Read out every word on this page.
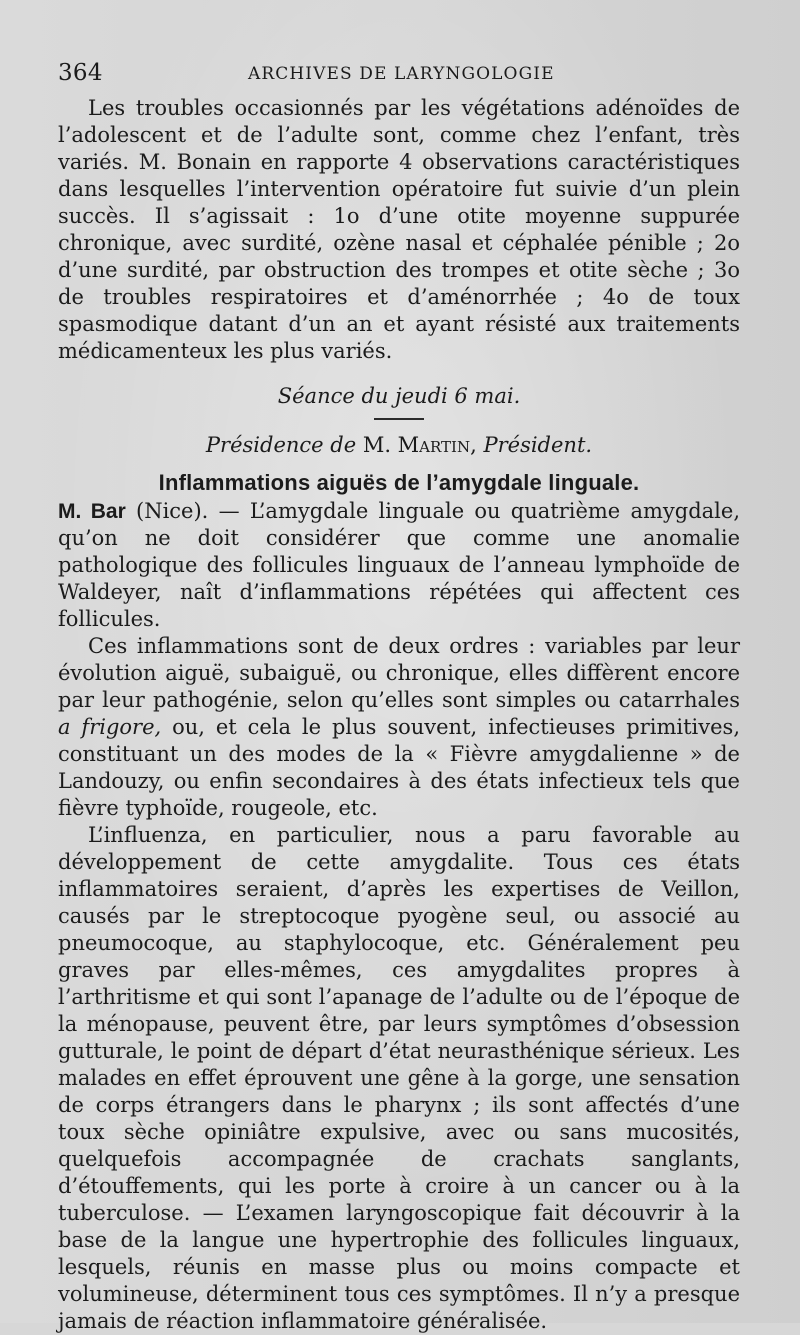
364	ARCHIVES DE LARYNGOLOGIE

Les troubles occasionnés par les végétations adénoïdes de l’adolescent et de l’adulte sont, comme chez l’enfant, très variés. M. Bonain en rapporte 4 observations caractéristiques dans lesquelles l’intervention opératoire fut suivie d’un plein succès. Il s’agissait : 1o d’une otite moyenne suppurée chronique, avec surdité, ozène nasal et céphalée pénible ; 2o d’une surdité, par obstruction des trompes et otite sèche ; 3o de troubles respiratoires et d’aménorrhée ; 4o de toux spasmodique datant d’un an et ayant résisté aux traitements médicamenteux les plus variés.

Séance du jeudi 6 mai.

Présidence de M. Martin, Président.

Inflammations aiguës de l’amygdale linguale.

M. Bar (Nice). — L’amygdale linguale ou quatrième amygdale, qu’on ne doit considérer que comme une anomalie pathologique des follicules linguaux de l’anneau lymphoïde de Waldeyer, naît d’inflammations répétées qui affectent ces follicules.

Ces inflammations sont de deux ordres : variables par leur évolution aiguë, subaiguë, ou chronique, elles diffèrent encore par leur pathogénie, selon qu’elles sont simples ou catarrhales a frigore, ou, et cela le plus souvent, infectieuses primitives, constituant un des modes de la « Fièvre amygdalienne » de Landouzy, ou enfin secondaires à des états infectieux tels que fièvre typhoïde, rougeole, etc.

L’influenza, en particulier, nous a paru favorable au développement de cette amygdalite. Tous ces états inflammatoires seraient, d’après les expertises de Veillon, causés par le streptocoque pyogène seul, ou associé au pneumocoque, au staphylocoque, etc. Généralement peu graves par elles-mêmes, ces amygdalites propres à l’arthritisme et qui sont l’apanage de l’adulte ou de l’époque de la ménopause, peuvent être, par leurs symptômes d’obsession gutturale, le point de départ d’état neurasthénique sérieux. Les malades en effet éprouvent une gêne à la gorge, une sensation de corps étrangers dans le pharynx ; ils sont affectés d’une toux sèche opiniâtre expulsive, avec ou sans mucosités, quelquefois accompagnée de crachats sanglants, d’étouffements, qui les porte à croire à un cancer ou à la tuberculose. — L’examen laryngoscopique fait découvrir à la base de la langue une hypertrophie des follicules linguaux, lesquels, réunis en masse plus ou moins compacte et volumineuse, déterminent tous ces symptômes. Il n’y a presque jamais de réaction inflammatoire généralisée.
